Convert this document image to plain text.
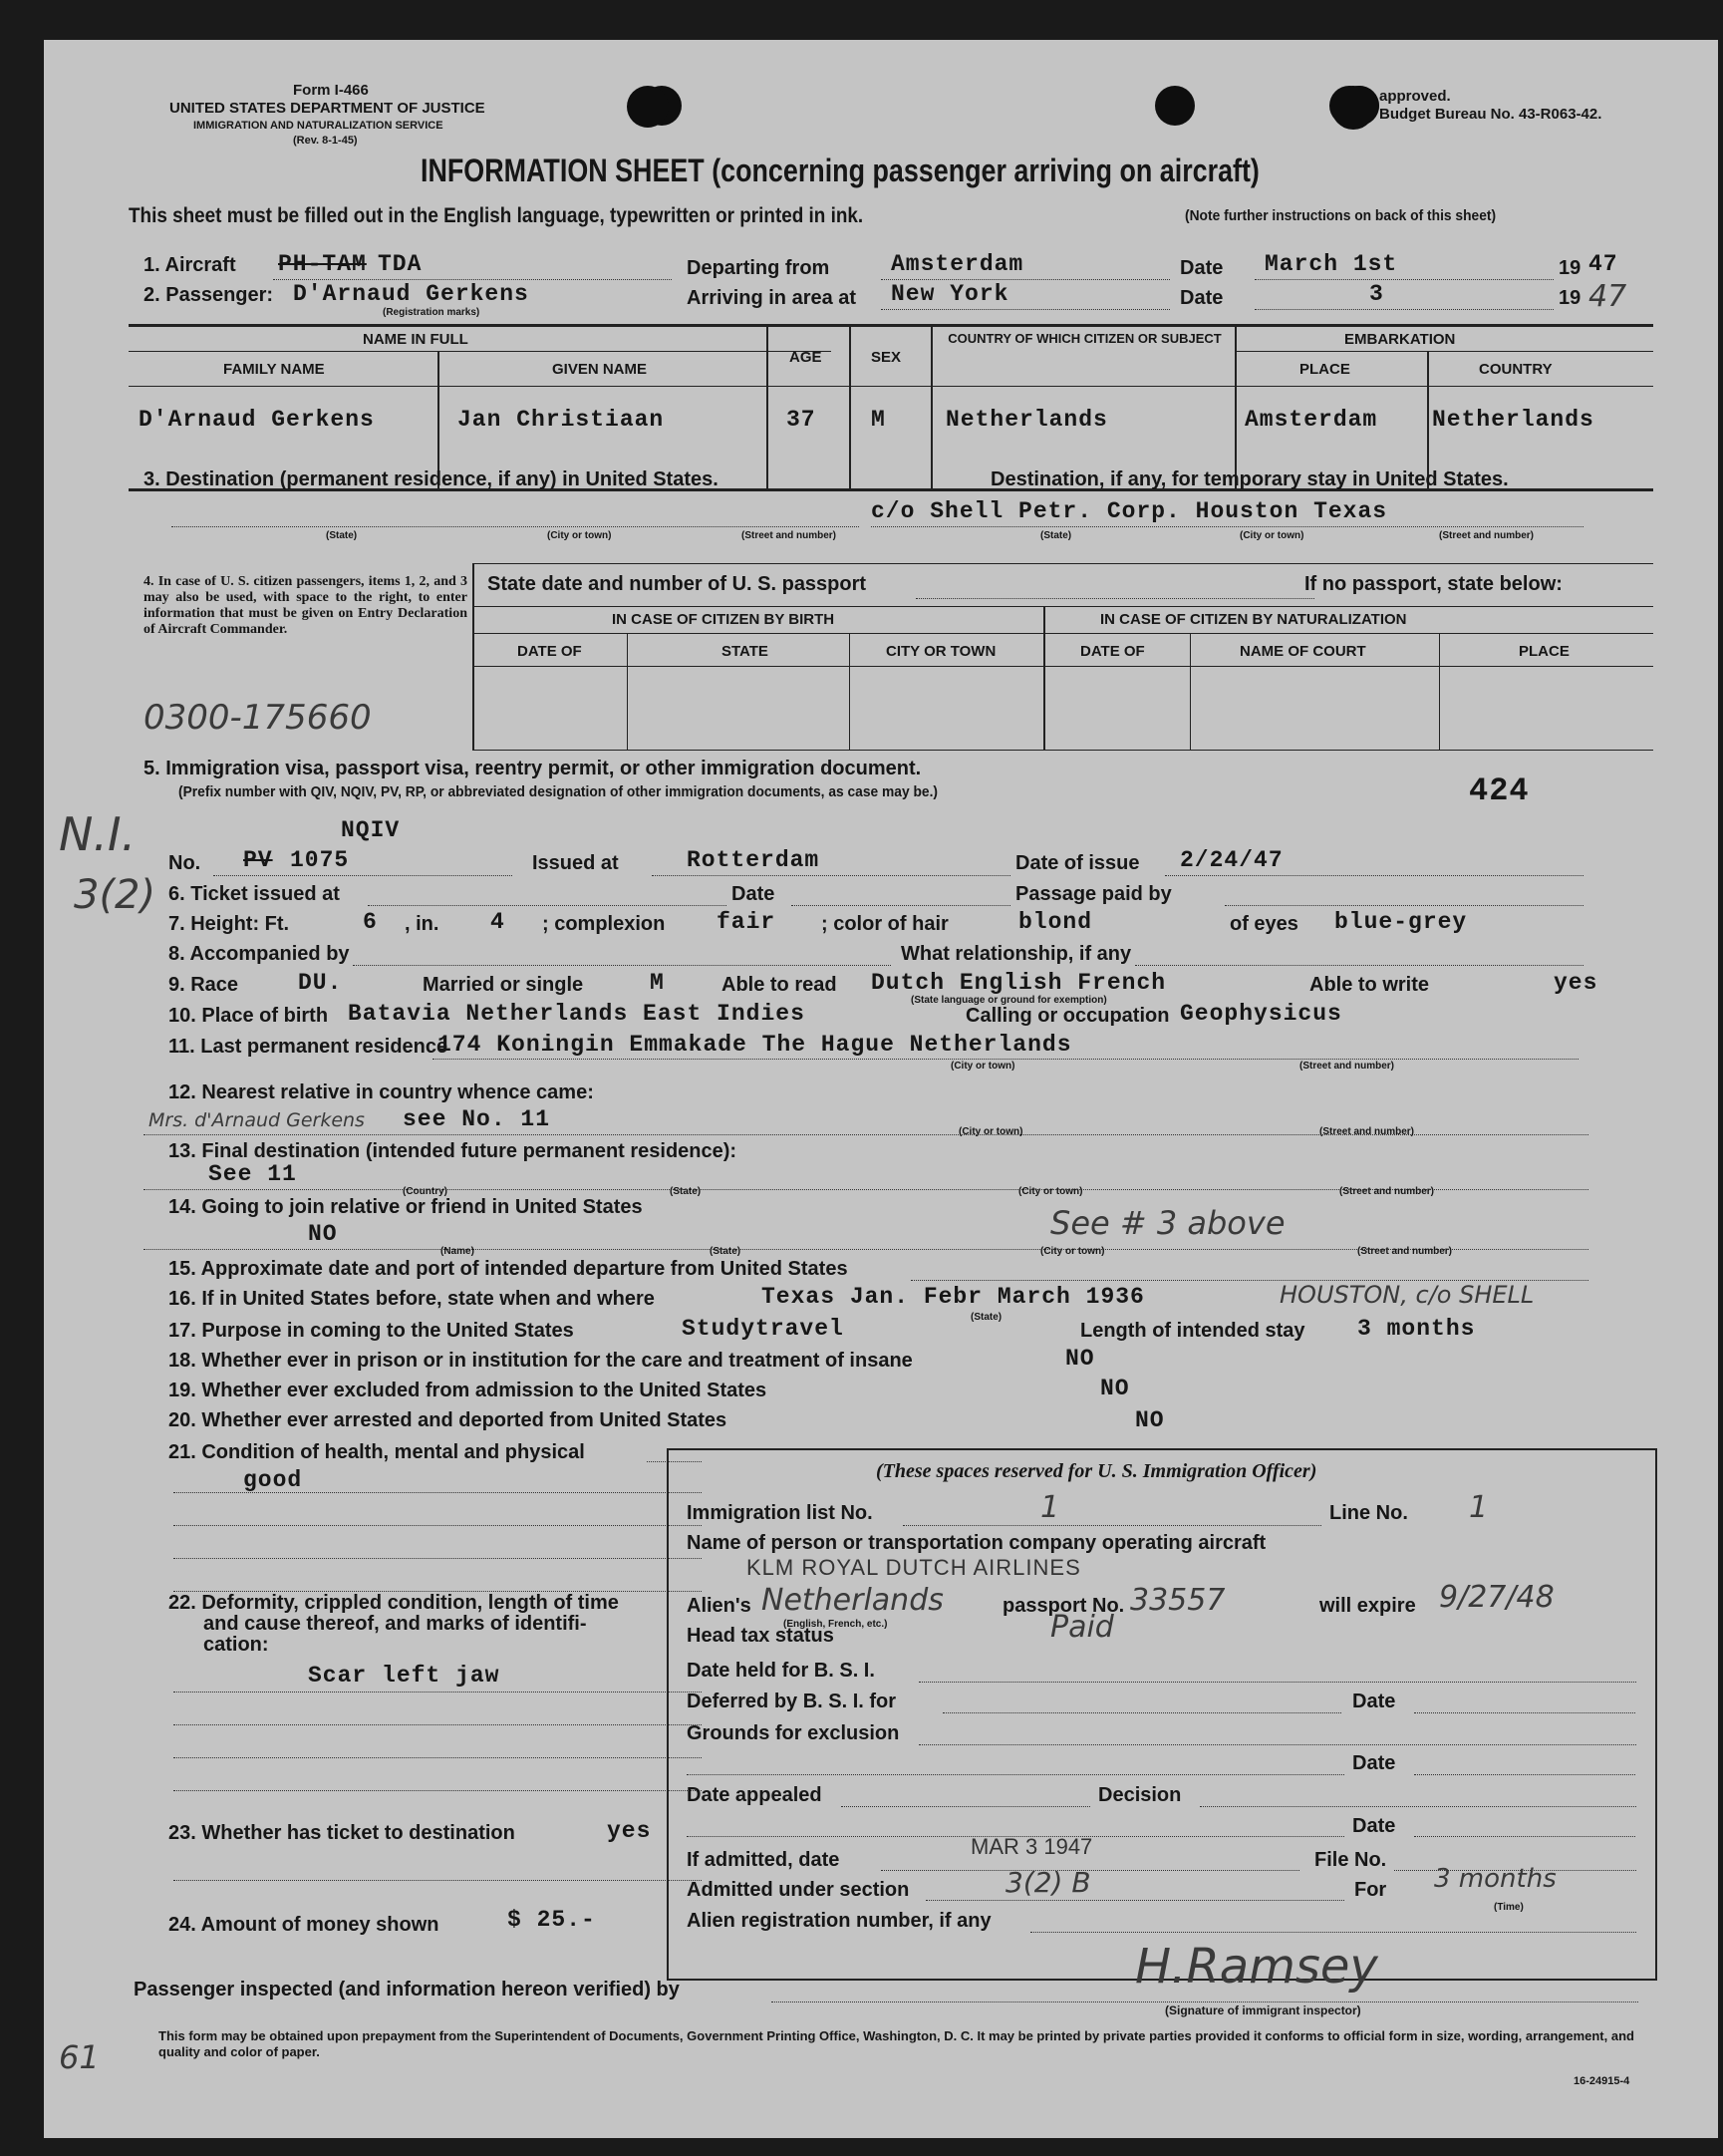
Form I-466
UNITED STATES DEPARTMENT OF JUSTICE
IMMIGRATION AND NATURALIZATION SERVICE
(Rev. 8-1-45)
approved.
Budget Bureau No. 43-R063-42.
INFORMATION SHEET (concerning passenger arriving on aircraft)
This sheet must be filled out in the English language, typewritten or printed in ink.	(Note further instructions on back of this sheet)
1. Aircraft PH-TAM TDA	Departing from	Amsterdam	Date March 1st	19 47
2. Passenger: D'Arnaud Gerkens
(Registration marks)
Arriving in area at New York	Date	3	19 47
NAME IN FULL
FAMILY NAME	GIVEN NAME
AGE	SEX
COUNTRY OF WHICH CITIZEN OR SUBJECT	EMBARKATION
PLACE	COUNTRY
D'Arnaud Gerkens	Jan Christiaan	37 M	Netherlands	Amsterdam Netherlands
3. Destination (permanent residence, if any) in United States.	Destination, if any, for temporary stay in United States.
c/o Shell Petr. Corp. Houston Texas
(State)	(City or town)	(Street and number)	(State)	(City or town)	(Street and number)
4. In case of U. S. citizen passengers, items 1, 2, and 3 may also be used, with space to the right, to enter information that must be given on Entry Declaration of Aircraft Commander.
State date and number of U. S. passport	If no passport, state below:
IN CASE OF CITIZEN BY BIRTH	IN CASE OF CITIZEN BY NATURALIZATION
DATE OF	STATE	CITY OR TOWN	DATE OF	NAME OF COURT	PLACE
0300-175660
5. Immigration visa, passport visa, reentry permit, or other immigration document.
(Prefix number with QIV, NQIV, PV, RP, or abbreviated designation of other immigration documents, as case may be.)	424
N.I.
3(2)
NQIV
No. PV 1075	Issued at	Rotterdam	Date of issue 2/24/47
6. Ticket issued at	Date	Passage paid by
7. Height: Ft.	6 , in. 4 ; complexion fair ; color of hair	blond	of eyes blue-grey
8. Accompanied by	What relationship, if any
9. Race	DU.	Married or single	M	Able to read Dutch English French
(State language or ground for exemption)
Able to write	yes
10. Place of birth Batavia Netherlands East Indies	Calling or occupation Geophysicus
11. Last permanent residence
174 Koningin Emmakade The Hague Netherlands
(City or town)	(Street and number)
12. Nearest relative in country whence came:
Mrs. d'Arnaud Gerkens see No. 11	(City or town)	(Street and number)
13. Final destination (intended future permanent residence):
See 11
(Country)	(State)	(City or town)	(Street and number)
14. Going to join relative or friend in United States
NO	See # 3 above
(Name)	(State)	(City or town)	(Street and number)
15. Approximate date and port of intended departure from United States
16. If in United States before, state when and where	Texas Jan. Febr March 1936	HOUSTON, c/o SHELL
(State)
17. Purpose in coming to the United States	Studytravel	Length of intended stay 3 months
18. Whether ever in prison or in institution for the care and treatment of insane	NO
19. Whether ever excluded from admission to the United States	NO
20. Whether ever arrested and deported from United States	NO
21. Condition of health, mental and physical
good
22. Deformity, crippled condition, length of time
and cause thereof, and marks of identifi-
cation:
Scar left jaw
23. Whether has ticket to destination	yes
24. Amount of money shown	$ 25.-
(These spaces reserved for U. S. Immigration Officer)
Immigration list No.	1	Line No. 1
Name of person or transportation company operating aircraft
KLM ROYAL DUTCH AIRLINES
Alien's Netherlands
(English, French, etc.)
passport No. 33557	will expire 9/27/48
Head tax status	Paid
Date held for B. S. I.
Deferred by B. S. I. for	Date
Grounds for exclusion
Date
Date appealed	Decision
Date
If admitted, date
MAR 3 1947
File No.
Admitted under section	3(2) B	For 3 months
(Time)
Alien registration number, if any
Passenger inspected (and information hereon verified) by	H.Ramsey
(Signature of immigrant inspector)
61
This form may be obtained upon prepayment from the Superintendent of Documents, Government Printing Office, Washington, D. C. It may be printed by private parties provided it conforms to official form in size, wording, arrangement, and quality and color of paper.
16-24915-4
